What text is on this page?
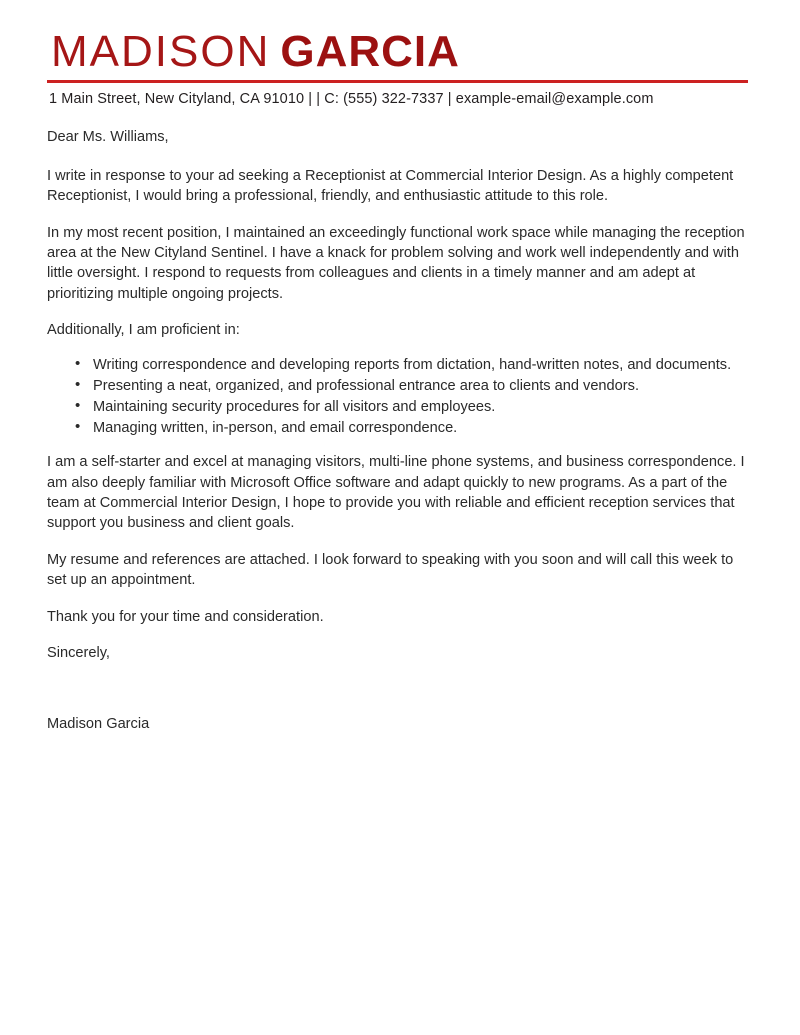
MADISON GARCIA
1 Main Street, New Cityland, CA 91010 | | C: (555) 322-7337 | example-email@example.com

Dear Ms. Williams,

I write in response to your ad seeking a Receptionist at Commercial Interior Design. As a highly competent Receptionist, I would bring a professional, friendly, and enthusiastic attitude to this role.

In my most recent position, I maintained an exceedingly functional work space while managing the reception area at the New Cityland Sentinel. I have a knack for problem solving and work well independently and with little oversight. I respond to requests from colleagues and clients in a timely manner and am adept at prioritizing multiple ongoing projects.

Additionally, I am proficient in:

• Writing correspondence and developing reports from dictation, hand-written notes, and documents.
• Presenting a neat, organized, and professional entrance area to clients and vendors.
• Maintaining security procedures for all visitors and employees.
• Managing written, in-person, and email correspondence.

I am a self-starter and excel at managing visitors, multi-line phone systems, and business correspondence. I am also deeply familiar with Microsoft Office software and adapt quickly to new programs. As a part of the team at Commercial Interior Design, I hope to provide you with reliable and efficient reception services that support you business and client goals.

My resume and references are attached. I look forward to speaking with you soon and will call this week to set up an appointment.

Thank you for your time and consideration.

Sincerely,

Madison Garcia
